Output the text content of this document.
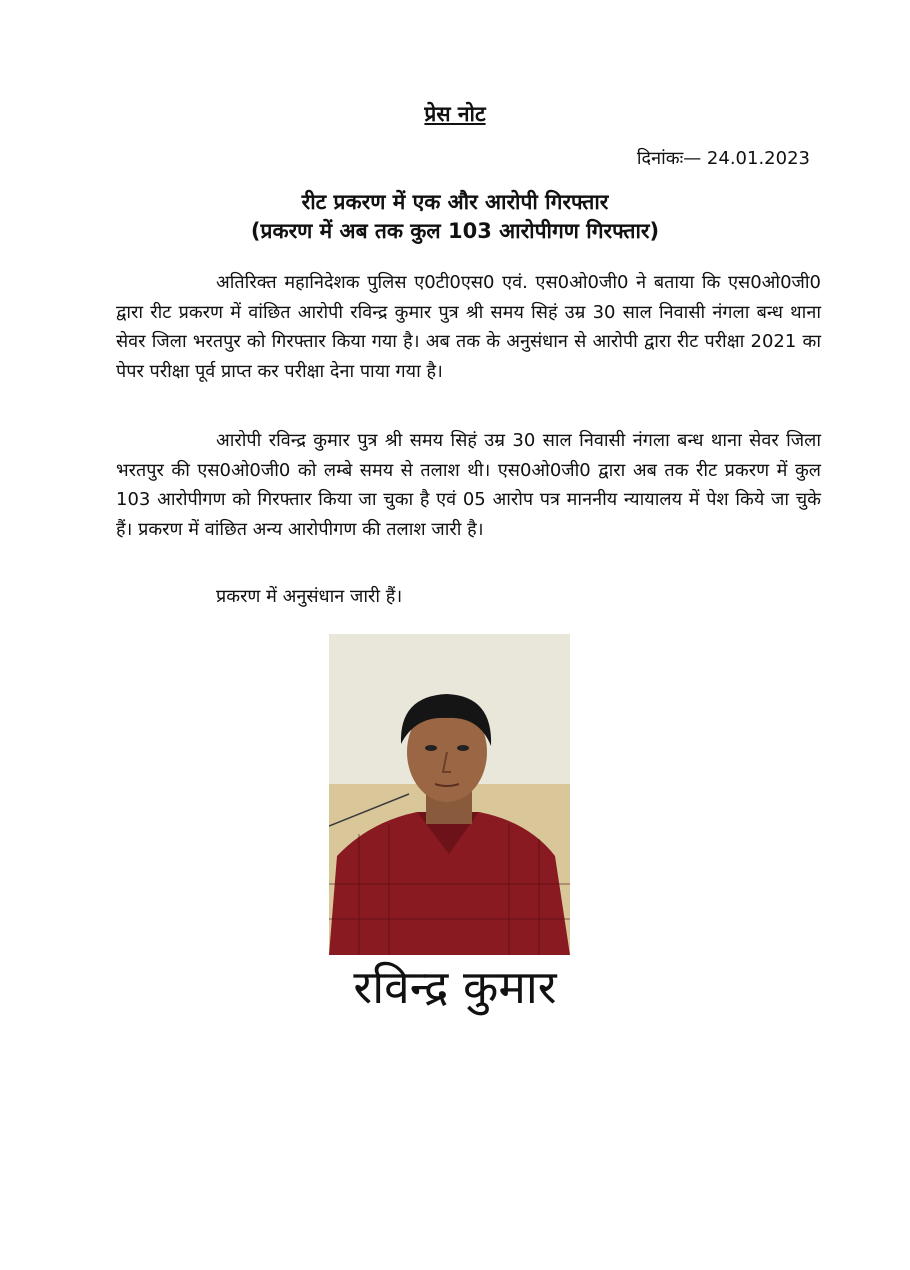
प्रेस नोट
दिनांकः— 24.01.2023
रीट प्रकरण में एक और आरोपी गिरफ्तार
(प्रकरण में अब तक कुल 103 आरोपीगण गिरफ्तार)
अतिरिक्त महानिदेशक पुलिस ए0टी0एस0 एवं. एस0ओ0जी0 ने बताया कि एस0ओ0जी0 द्वारा रीट प्रकरण में वांछित आरोपी रविन्द्र कुमार पुत्र श्री समय सिहं उम्र 30 साल निवासी नंगला बन्ध थाना सेवर जिला भरतपुर को गिरफ्तार किया गया है। अब तक के अनुसंधान से आरोपी द्वारा रीट परीक्षा 2021 का पेपर परीक्षा पूर्व प्राप्त कर परीक्षा देना पाया गया है।
आरोपी रविन्द्र कुमार पुत्र श्री समय सिहं उम्र 30 साल निवासी नंगला बन्ध थाना सेवर जिला भरतपुर की एस0ओ0जी0 को लम्बे समय से तलाश थी। एस0ओ0जी0 द्वारा अब तक रीट प्रकरण में कुल 103 आरोपीगण को गिरफ्तार किया जा चुका है एवं 05 आरोप पत्र माननीय न्यायालय में पेश किये जा चुके हैं। प्रकरण में वांछित अन्य आरोपीगण की तलाश जारी है।
प्रकरण में अनुसंधान जारी हैं।
रविन्द्र कुमार
